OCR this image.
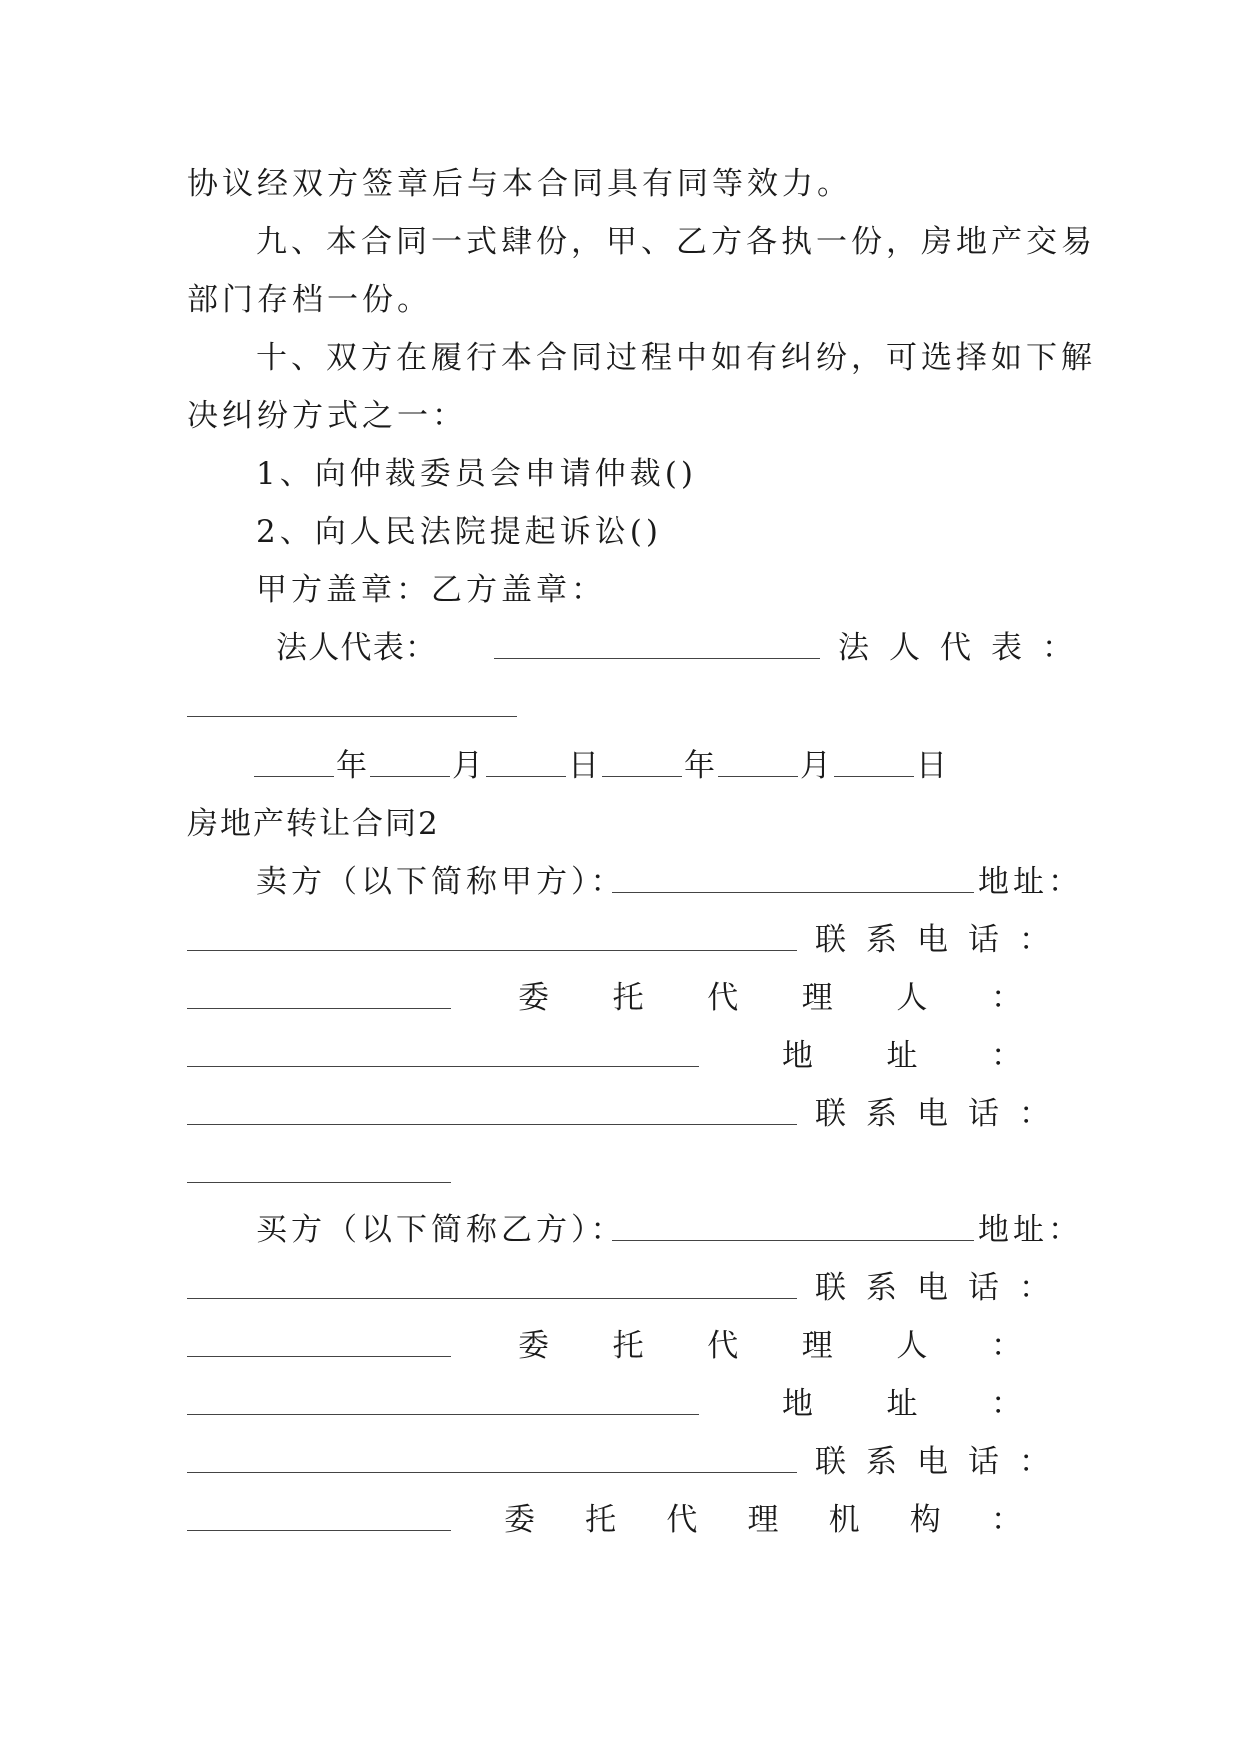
协议经双方签章后与本合同具有同等效力。
九、本合同一式肆份，甲、乙方各执一份，房地产交易
部门存档一份。
十、双方在履行本合同过程中如有纠纷，可选择如下解
决纠纷方式之一：
1、向仲裁委员会申请仲裁()
2、向人民法院提起诉讼()
甲方盖章：乙方盖章：
法 人 代 表 ：	法人代表：
年	月	日	年	月	日
房地产转让合同2
卖方（以下简称甲方）：	地址：
联系电话：
委 托 代 理 人 ：
地 址 ：
联系电话：
买方（以下简称乙方）：	地址：
联系电话：
委 托 代 理 人 ：
地 址 ：
联系电话：
委 托 代 理 机 构 ：
